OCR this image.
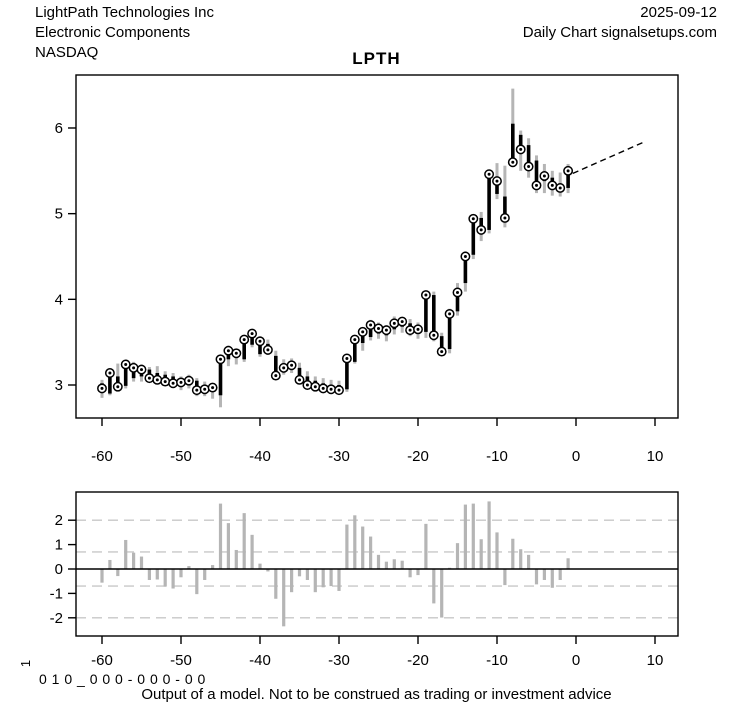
LightPath Technologies Inc
Electronic Components
NASDAQ
2025-09-12
Daily Chart signalsetups.com
LPTH
3
4
5
6
-60	-50	-40	-30	-20	-10	0	10
-2
-1
0
1
2
-60	-50	-40	-30	-20	-10	0	10
1
0 1 0 _ 0 0 0 - 0 0 0 - 0 0
Output of a model. Not to be construed as trading or investment advice
